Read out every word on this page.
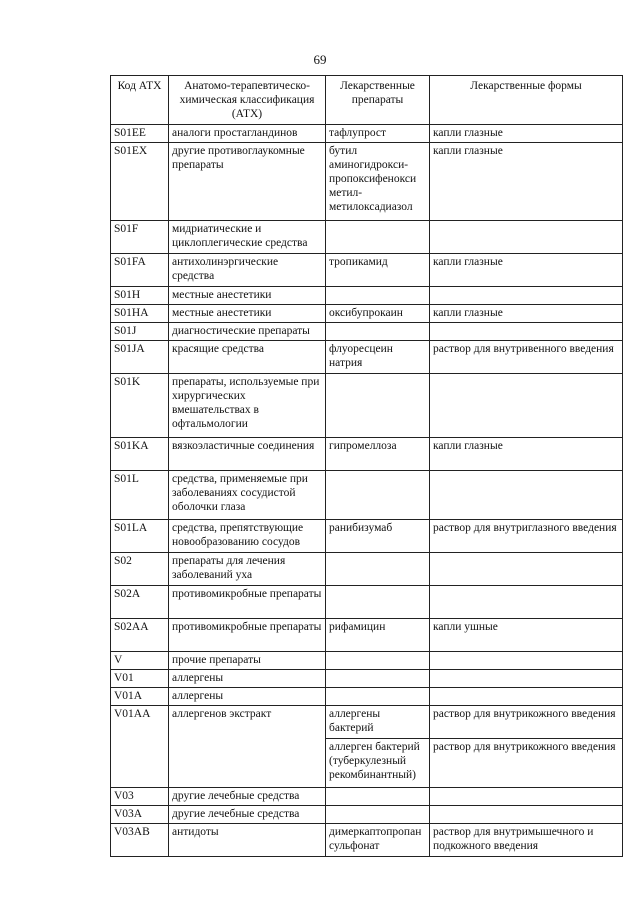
69
Код АТХ	Анатомо-терапевтическо-химическая классификация (АТХ)	Лекарственные препараты	Лекарственные формы
S01EE	аналоги простагландинов	тафлупрост	капли глазные
S01EX	другие противоглаукомные препараты	бутил аминогидрокси-пропоксифенокси метил-метилоксадиазол	капли глазные
S01F	мидриатические и циклоплегические средства		
S01FA	антихолинэргические средства	тропикамид	капли глазные
S01H	местные анестетики		
S01HA	местные анестетики	оксибупрокаин	капли глазные
S01J	диагностические препараты		
S01JA	красящие средства	флуоресцеин натрия	раствор для внутривенного введения
S01K	препараты, используемые при хирургических вмешательствах в офтальмологии		
S01KA	вязкоэластичные соединения	гипромеллоза	капли глазные
S01L	средства, применяемые при заболеваниях сосудистой оболочки глаза		
S01LA	средства, препятствующие новообразованию сосудов	ранибизумаб	раствор для внутриглазного введения
S02	препараты для лечения заболеваний уха		
S02A	противомикробные препараты		
S02AA	противомикробные препараты	рифамицин	капли ушные
V	прочие препараты		
V01	аллергены		
V01A	аллергены		
V01AA	аллергенов экстракт	аллергены бактерий	раствор для внутрикожного введения
		аллерген бактерий (туберкулезный рекомбинантный)	раствор для внутрикожного введения
V03	другие лечебные средства		
V03A	другие лечебные средства		
V03AB	антидоты	димеркаптопропансульфонат	раствор для внутримышечного и подкожного введения
